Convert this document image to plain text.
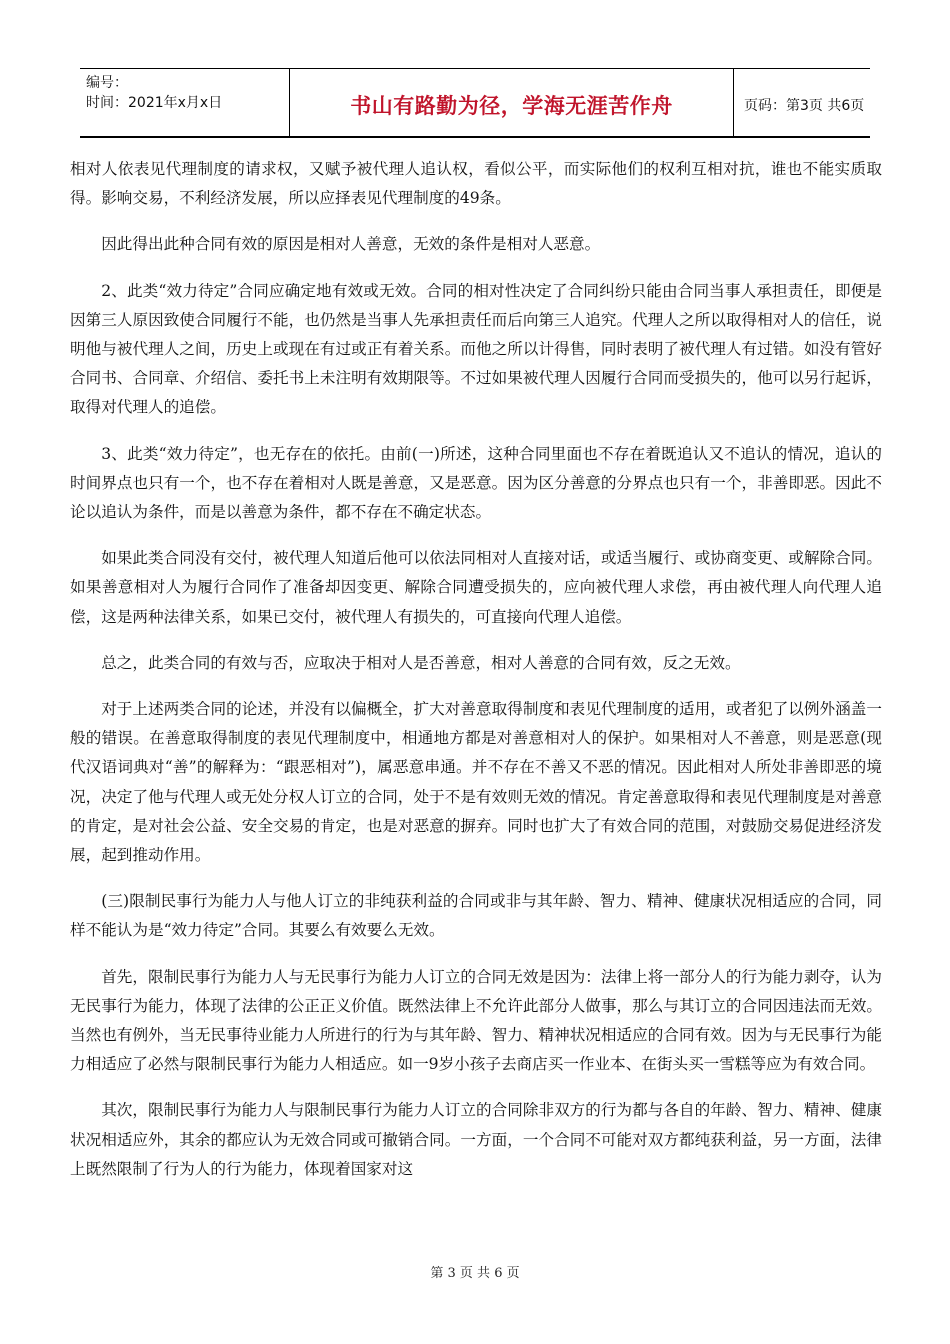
编号：
时间：2021年x月x日	书山有路勤为径，学海无涯苦作舟	页码：第3页 共6页

相对人依表见代理制度的请求权，又赋予被代理人追认权，看似公平，而实际他们的权利互相对抗，谁也不能实质取得。影响交易，不利经济发展，所以应择表见代理制度的49条。

因此得出此种合同有效的原因是相对人善意，无效的条件是相对人恶意。

2、此类“效力待定”合同应确定地有效或无效。合同的相对性决定了合同纠纷只能由合同当事人承担责任，即便是因第三人原因致使合同履行不能，也仍然是当事人先承担责任而后向第三人追究。代理人之所以取得相对人的信任，说明他与被代理人之间，历史上或现在有过或正有着关系。而他之所以计得售，同时表明了被代理人有过错。如没有管好合同书、合同章、介绍信、委托书上未注明有效期限等。不过如果被代理人因履行合同而受损失的，他可以另行起诉，取得对代理人的追偿。

3、此类“效力待定”，也无存在的依托。由前(一)所述，这种合同里面也不存在着既追认又不追认的情况，追认的时间界点也只有一个，也不存在着相对人既是善意，又是恶意。因为区分善意的分界点也只有一个，非善即恶。因此不论以追认为条件，而是以善意为条件，都不存在不确定状态。

如果此类合同没有交付，被代理人知道后他可以依法同相对人直接对话，或适当履行、或协商变更、或解除合同。如果善意相对人为履行合同作了准备却因变更、解除合同遭受损失的，应向被代理人求偿，再由被代理人向代理人追偿，这是两种法律关系，如果已交付，被代理人有损失的，可直接向代理人追偿。

总之，此类合同的有效与否，应取决于相对人是否善意，相对人善意的合同有效，反之无效。

对于上述两类合同的论述，并没有以偏概全，扩大对善意取得制度和表见代理制度的适用，或者犯了以例外涵盖一般的错误。在善意取得制度的表见代理制度中，相通地方都是对善意相对人的保护。如果相对人不善意，则是恶意(现代汉语词典对“善”的解释为：“跟恶相对”)，属恶意串通。并不存在不善又不恶的情况。因此相对人所处非善即恶的境况，决定了他与代理人或无处分权人订立的合同，处于不是有效则无效的情况。肯定善意取得和表见代理制度是对善意的肯定，是对社会公益、安全交易的肯定，也是对恶意的摒弃。同时也扩大了有效合同的范围，对鼓励交易促进经济发展，起到推动作用。

(三)限制民事行为能力人与他人订立的非纯获利益的合同或非与其年龄、智力、精神、健康状况相适应的合同，同样不能认为是“效力待定”合同。其要么有效要么无效。

首先，限制民事行为能力人与无民事行为能力人订立的合同无效是因为：法律上将一部分人的行为能力剥夺，认为无民事行为能力，体现了法律的公正正义价值。既然法律上不允许此部分人做事，那么与其订立的合同因违法而无效。当然也有例外，当无民事待业能力人所进行的行为与其年龄、智力、精神状况相适应的合同有效。因为与无民事行为能力相适应了必然与限制民事行为能力人相适应。如一9岁小孩子去商店买一作业本、在街头买一雪糕等应为有效合同。

其次，限制民事行为能力人与限制民事行为能力人订立的合同除非双方的行为都与各自的年龄、智力、精神、健康状况相适应外，其余的都应认为无效合同或可撤销合同。一方面，一个合同不可能对双方都纯获利益，另一方面，法律上既然限制了行为人的行为能力，体现着国家对这

第 3 页 共 6 页
